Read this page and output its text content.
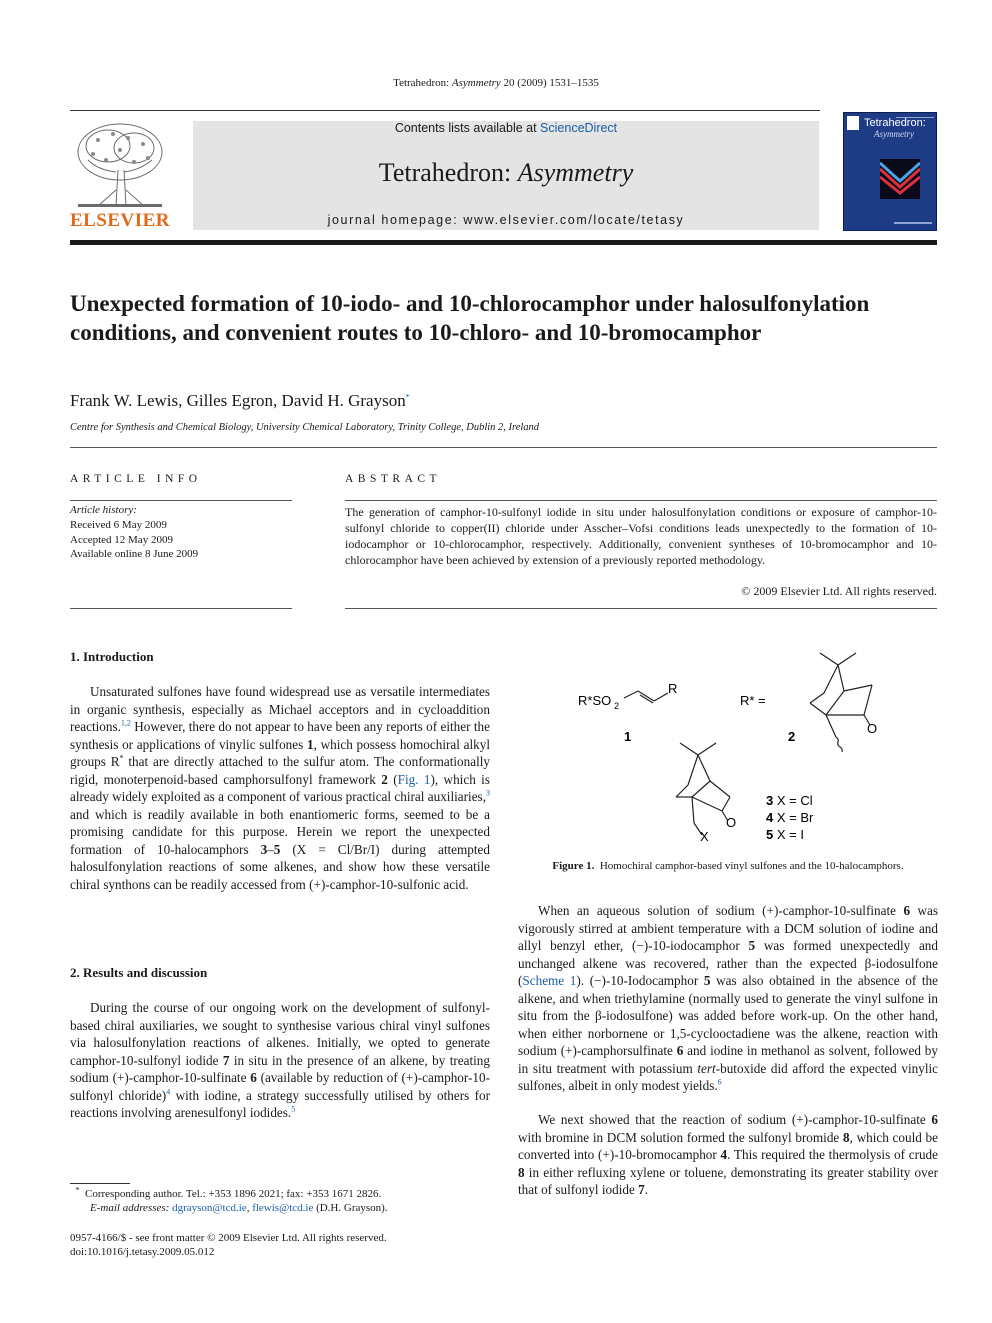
Tetrahedron: Asymmetry 20 (2009) 1531–1535
ELSEVIER
Contents lists available at ScienceDirect
Tetrahedron: Asymmetry
journal homepage: www.elsevier.com/locate/tetasy
Tetrahedron:
Asymmetry
Unexpected formation of 10-iodo- and 10-chlorocamphor under halosulfonylation conditions, and convenient routes to 10-chloro- and 10-bromocamphor
Frank W. Lewis, Gilles Egron, David H. Grayson*
Centre for Synthesis and Chemical Biology, University Chemical Laboratory, Trinity College, Dublin 2, Ireland
ARTICLE INFO
Article history:
Received 6 May 2009
Accepted 12 May 2009
Available online 8 June 2009
ABSTRACT
The generation of camphor-10-sulfonyl iodide in situ under halosulfonylation conditions or exposure of camphor-10-sulfonyl chloride to copper(II) chloride under Asscher–Vofsi conditions leads unexpectedly to the formation of 10-iodocamphor or 10-chlorocamphor, respectively. Additionally, convenient syntheses of 10-bromocamphor and 10-chlorocamphor have been achieved by extension of a previously reported methodology.
© 2009 Elsevier Ltd. All rights reserved.
1. Introduction
Unsaturated sulfones have found widespread use as versatile intermediates in organic synthesis, especially as Michael acceptors and in cycloaddition reactions.$^{1,2}$ However, there do not appear to have been any reports of either the synthesis or applications of vinylic sulfones 1, which possess homochiral alkyl groups R* that are directly attached to the sulfur atom. The conformationally rigid, monoterpenoid-based camphorsulfonyl framework 2 (Fig. 1), which is already widely exploited as a component of various practical chiral auxiliaries,$^3$ and which is readily available in both enantiomeric forms, seemed to be a promising candidate for this purpose. Herein we report the unexpected formation of 10-halocamphors 3–5 (X = Cl/Br/I) during attempted halosulfonylation reactions of some alkenes, and show how these versatile chiral synthons can be readily accessed from (+)-camphor-10-sulfonic acid.
2. Results and discussion
During the course of our ongoing work on the development of sulfonyl-based chiral auxiliaries, we sought to synthesise various chiral vinyl sulfones via halosulfonylation reactions of alkenes. Initially, we opted to generate camphor-10-sulfonyl iodide 7 in situ in the presence of an alkene, by treating sodium (+)-camphor-10-sulfinate 6 (available by reduction of (+)-camphor-10-sulfonyl chloride)$^4$ with iodine, a strategy successfully utilised by others for reactions involving arenesulfonyl iodides.$^5$
* Corresponding author. Tel.: +353 1896 2021; fax: +353 1671 2826.
E-mail addresses: dgrayson@tcd.ie, flewis@tcd.ie (D.H. Grayson).
0957-4166/$ - see front matter © 2009 Elsevier Ltd. All rights reserved.
doi:10.1016/j.tetasy.2009.05.012
R*SO 2
R
1
R* =
O
2
O
X
3 X = Cl
4 X = Br
5 X = I
Figure 1. Homochiral camphor-based vinyl sulfones and the 10-halocamphors.
When an aqueous solution of sodium (+)-camphor-10-sulfinate 6 was vigorously stirred at ambient temperature with a DCM solution of iodine and allyl benzyl ether, (−)-10-iodocamphor 5 was formed unexpectedly and unchanged alkene was recovered, rather than the expected β-iodosulfone (Scheme 1). (−)-10-Iodocamphor 5 was also obtained in the absence of the alkene, and when triethylamine (normally used to generate the vinyl sulfone in situ from the β-iodosulfone) was added before work-up. On the other hand, when either norbornene or 1,5-cyclooctadiene was the alkene, reaction with sodium (+)-camphorsulfinate 6 and iodine in methanol as solvent, followed by in situ treatment with potassium tert-butoxide did afford the expected vinylic sulfones, albeit in only modest yields.$^6$
We next showed that the reaction of sodium (+)-camphor-10-sulfinate 6 with bromine in DCM solution formed the sulfonyl bromide 8, which could be converted into (+)-10-bromocamphor 4. This required the thermolysis of crude 8 in either refluxing xylene or toluene, demonstrating its greater stability over that of sulfonyl iodide 7.
